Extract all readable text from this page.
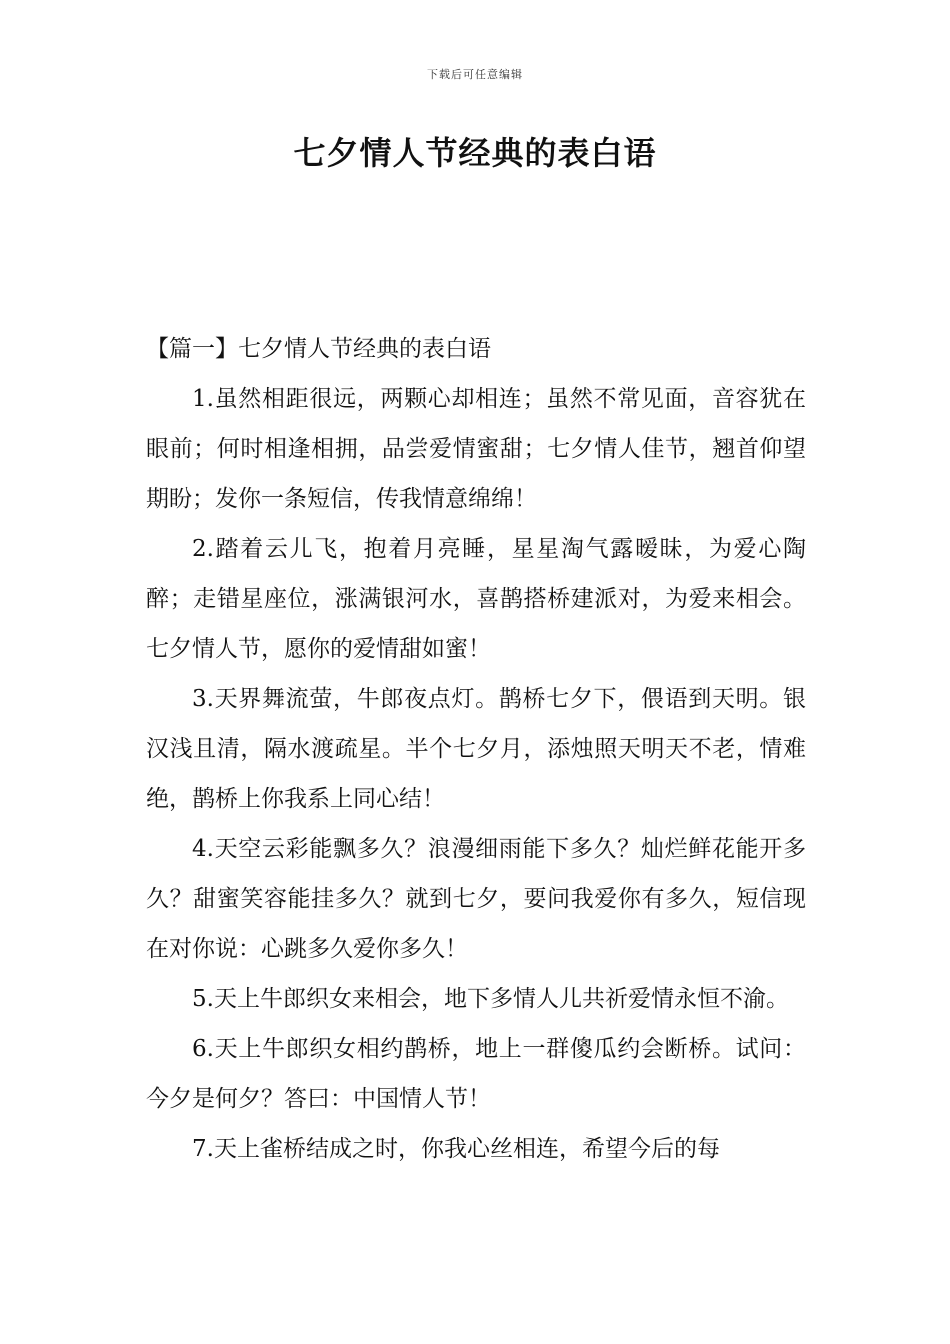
下载后可任意编辑
七夕情人节经典的表白语

【篇一】七夕情人节经典的表白语

1.虽然相距很远，两颗心却相连；虽然不常见面，音容犹在眼前；何时相逢相拥，品尝爱情蜜甜；七夕情人佳节，翘首仰望期盼；发你一条短信，传我情意绵绵！

2.踏着云儿飞，抱着月亮睡，星星淘气露暧昧，为爱心陶醉；走错星座位，涨满银河水，喜鹊搭桥建派对，为爱来相会。七夕情人节，愿你的爱情甜如蜜！

3.天界舞流萤，牛郎夜点灯。鹊桥七夕下，偎语到天明。银汉浅且清，隔水渡疏星。半个七夕月，添烛照天明天不老，情难绝，鹊桥上你我系上同心结！

4.天空云彩能飘多久？浪漫细雨能下多久？灿烂鲜花能开多久？甜蜜笑容能挂多久？就到七夕，要问我爱你有多久，短信现在对你说：心跳多久爱你多久！

5.天上牛郎织女来相会，地下多情人儿共祈爱情永恒不渝。

6.天上牛郎织女相约鹊桥，地上一群傻瓜约会断桥。试问：今夕是何夕？答曰：中国情人节！

7.天上雀桥结成之时，你我心丝相连，希望今后的每
